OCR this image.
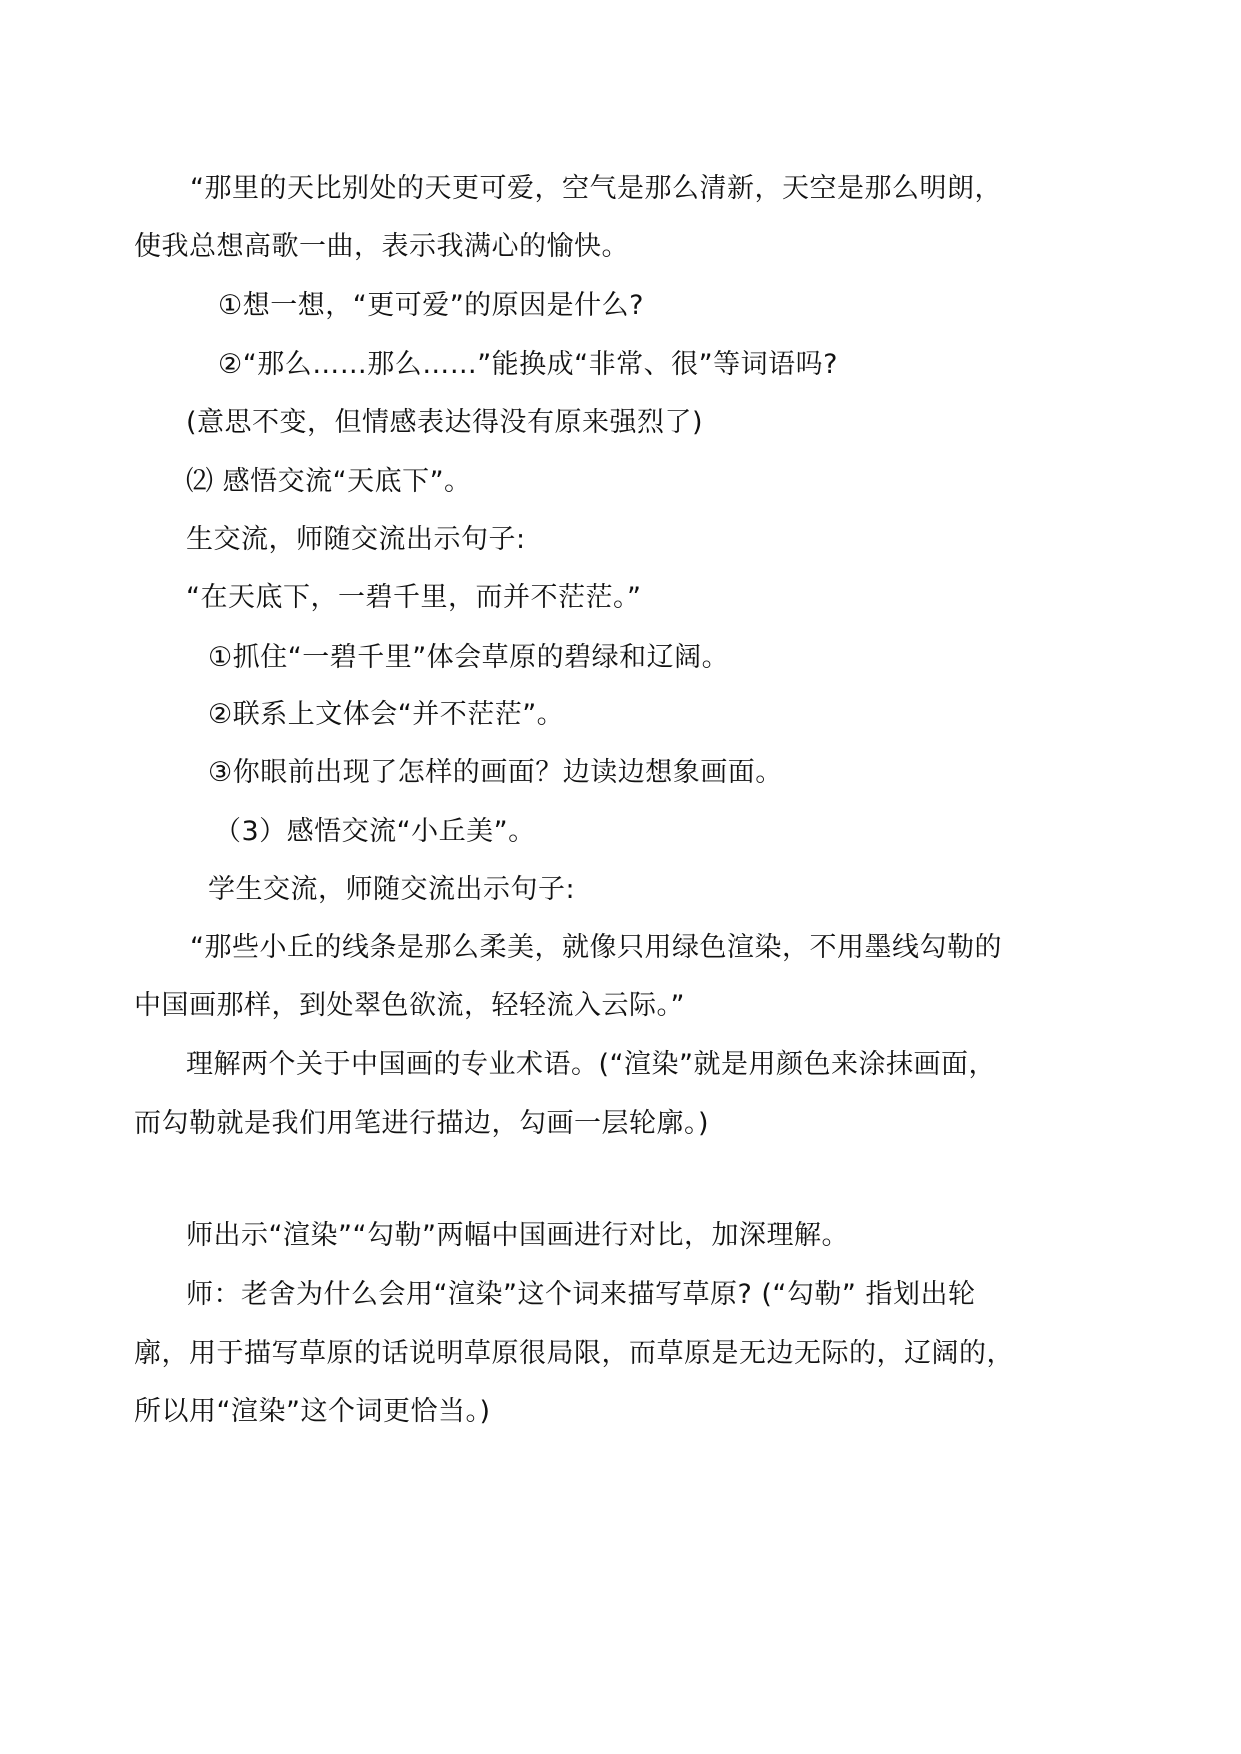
“那里的天比别处的天更可爱，空气是那么清新，天空是那么明朗，
使我总想高歌一曲，表示我满心的愉快。
①想一想，“更可爱”的原因是什么?
②“那么……那么……”能换成“非常、很”等词语吗?
(意思不变，但情感表达得没有原来强烈了)
⑵ 感悟交流“天底下”。
生交流，师随交流出示句子:
“在天底下，一碧千里，而并不茫茫。”
①抓住“一碧千里”体会草原的碧绿和辽阔。
②联系上文体会“并不茫茫”。
③你眼前出现了怎样的画面？边读边想象画面。
（3）感悟交流“小丘美”。
学生交流，师随交流出示句子:
“那些小丘的线条是那么柔美，就像只用绿色渲染，不用墨线勾勒的
中国画那样，到处翠色欲流，轻轻流入云际。”
理解两个关于中国画的专业术语。(“渲染”就是用颜色来涂抹画面，
而勾勒就是我们用笔进行描边，勾画一层轮廓。)
师出示“渲染”“勾勒”两幅中国画进行对比，加深理解。
师：老舍为什么会用“渲染”这个词来描写草原? (“勾勒” 指划出轮
廓，用于描写草原的话说明草原很局限，而草原是无边无际的，辽阔的，
所以用“渲染”这个词更恰当。)
